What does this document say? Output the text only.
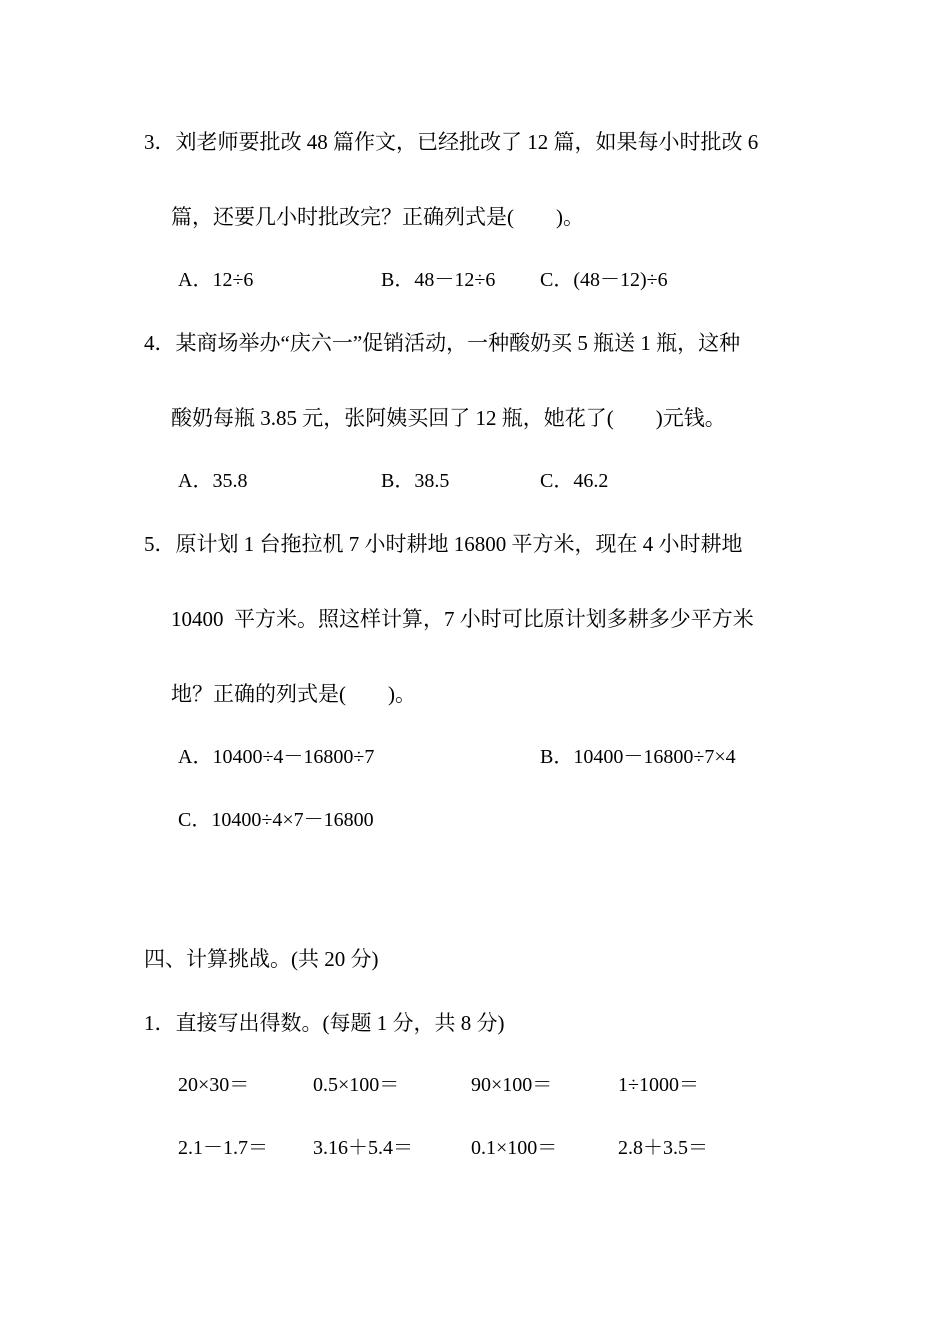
3．刘老师要批改 48 篇作文，已经批改了 12 篇，如果每小时批改 6
篇，还要几小时批改完？正确列式是(　　)。
A．12÷6	B．48－12÷6 C．(48－12)÷6
4．某商场举办“庆六一”促销活动，一种酸奶买 5 瓶送 1 瓶，这种
酸奶每瓶 3.85 元，张阿姨买回了 12 瓶，她花了(　　)元钱。
A．35.8	B．38.5	C．46.2
5．原计划 1 台拖拉机 7 小时耕地 16800 平方米，现在 4 小时耕地
10400  平方米。照这样计算，7 小时可比原计划多耕多少平方米
地？正确的列式是(　　)。
A．10400÷4－16800÷7	B．10400－16800÷7×4
C．10400÷4×7－16800
四、计算挑战。(共 20 分)
1．直接写出得数。(每题 1 分，共 8 分)
20×30＝	0.5×100＝	90×100＝	1÷1000＝
2.1－1.7＝ 3.16＋5.4＝	0.1×100＝	2.8＋3.5＝
